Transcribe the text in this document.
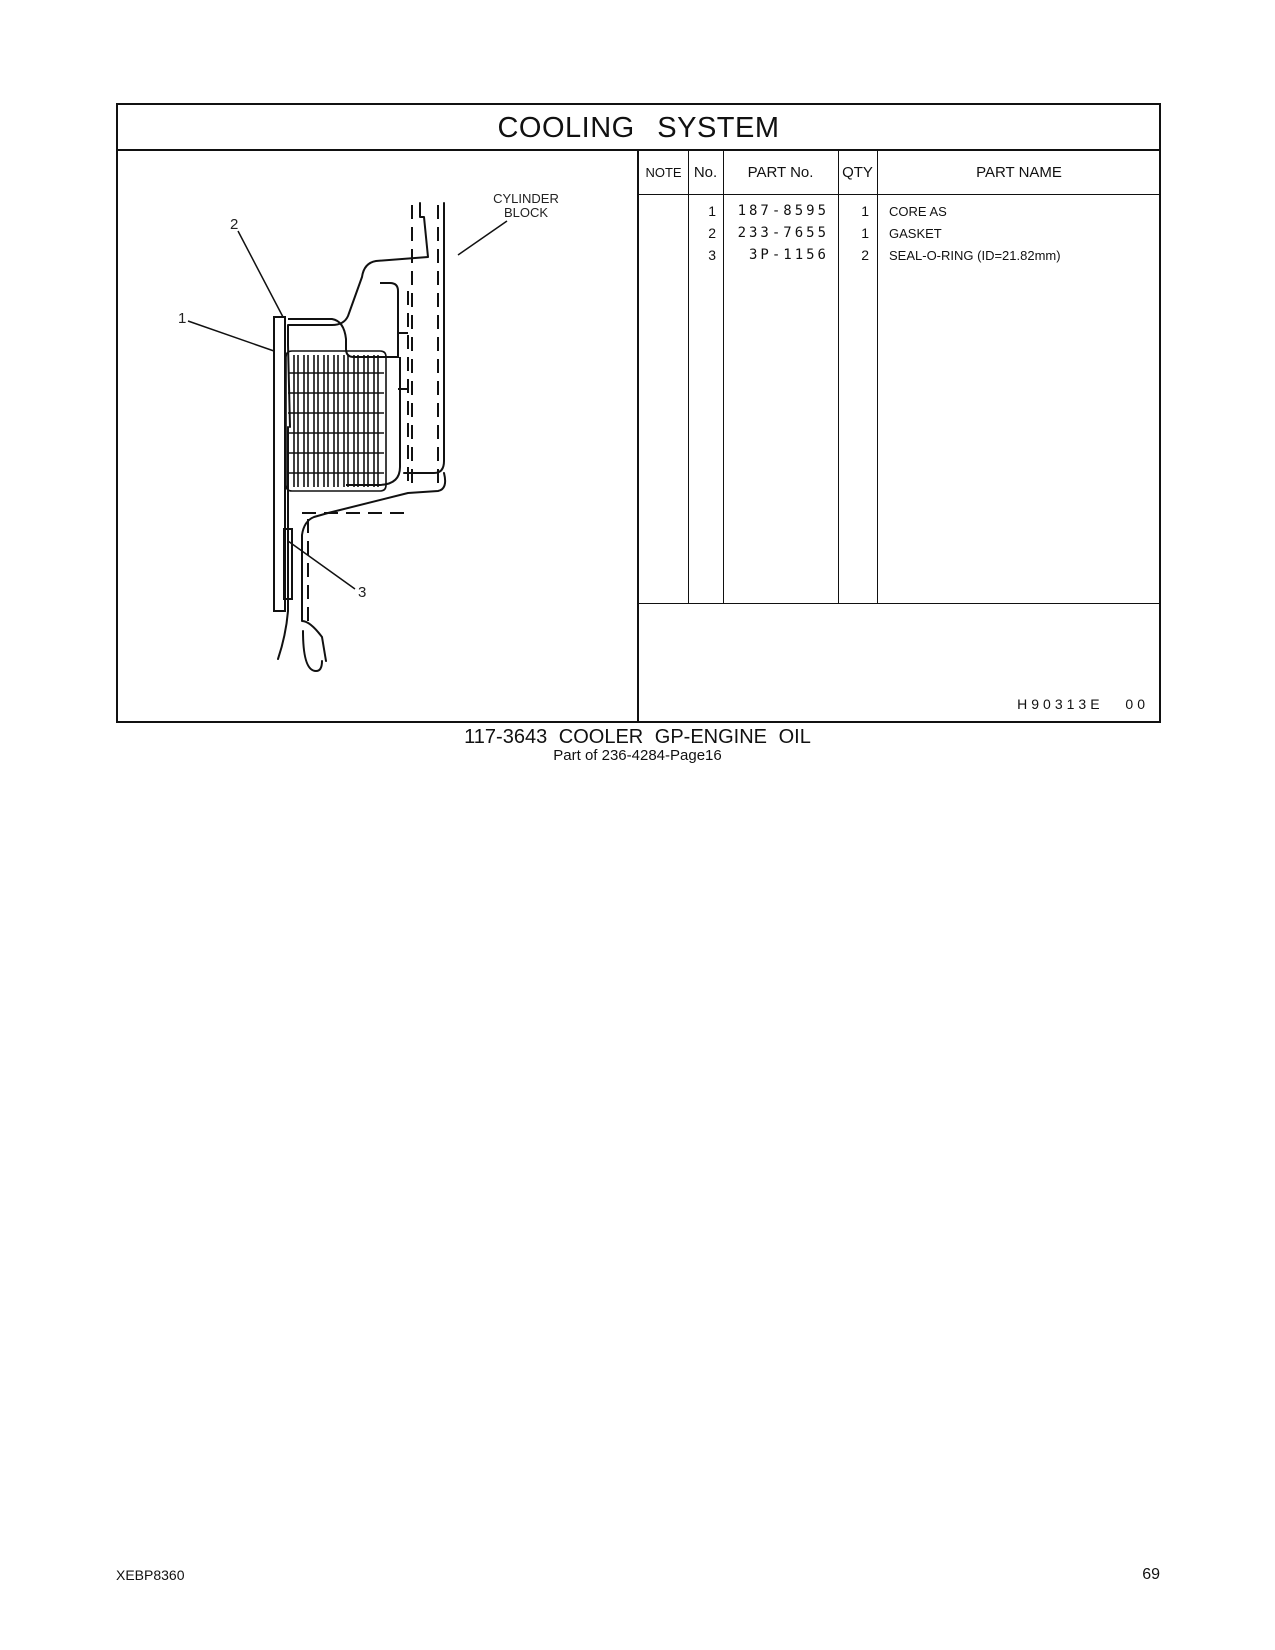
COOLING SYSTEM
CYLINDER
BLOCK
2
1
3
NOTE No.	PART No.	QTY	PART NAME
1	187-8595	1 CORE AS
2	233-7655	1 GASKET
3	3P-1156	2 SEAL-O-RING (ID=21.82mm)
H90313E 00
117-3643 COOLER GP-ENGINE OIL
Part of 236-4284-Page16
XEBP8360	69
